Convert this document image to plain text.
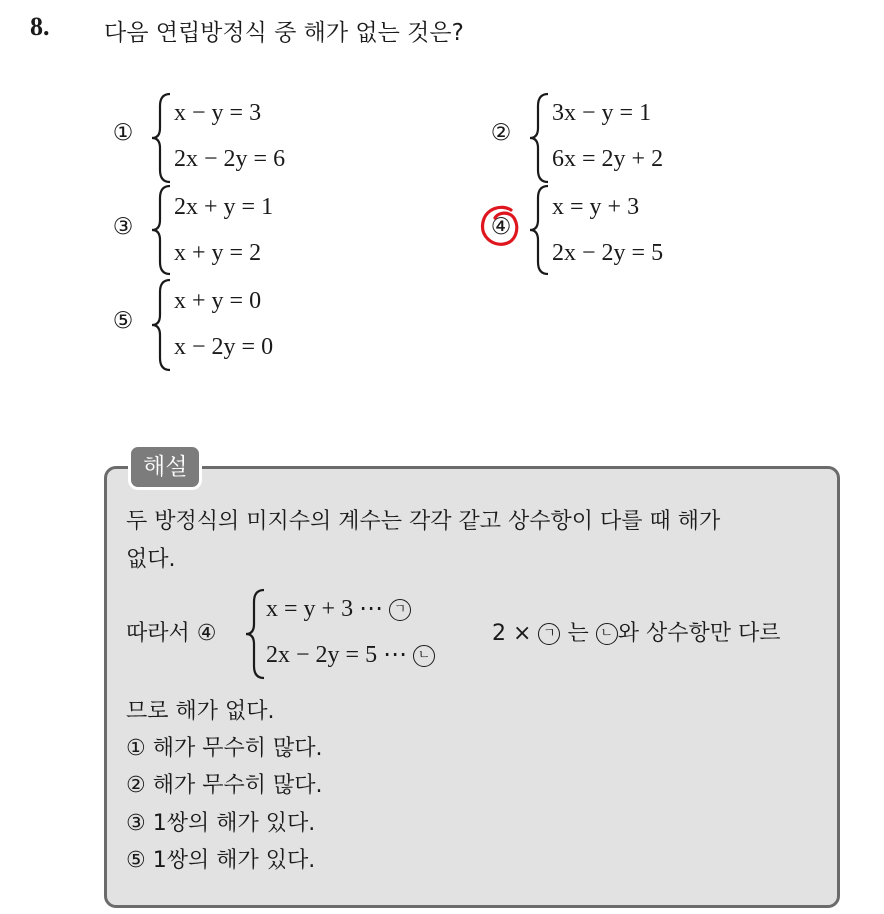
8. 다음 연립방정식 중 해가 없는 것은?
①
x − y = 3
2x − 2y = 6
②
3x − y = 1
6x = 2y + 2
③
2x + y = 1
x + y = 2
④
x = y + 3
2x − 2y = 5
⑤
x + y = 0
x − 2y = 0
해설
두 방정식의 미지수의 계수는 각각 같고 상수항이 다를 때 해가
없다.
따라서 ④
x = y + 3 ⋯ ㄱ
2x − 2y = 5 ⋯ ㄴ
2 × ㄱ 는 ㄴ 와 상수항만 다르
므로 해가 없다.
① 해가 무수히 많다.
② 해가 무수히 많다.
③ 1쌍의 해가 있다.
⑤ 1쌍의 해가 있다.
